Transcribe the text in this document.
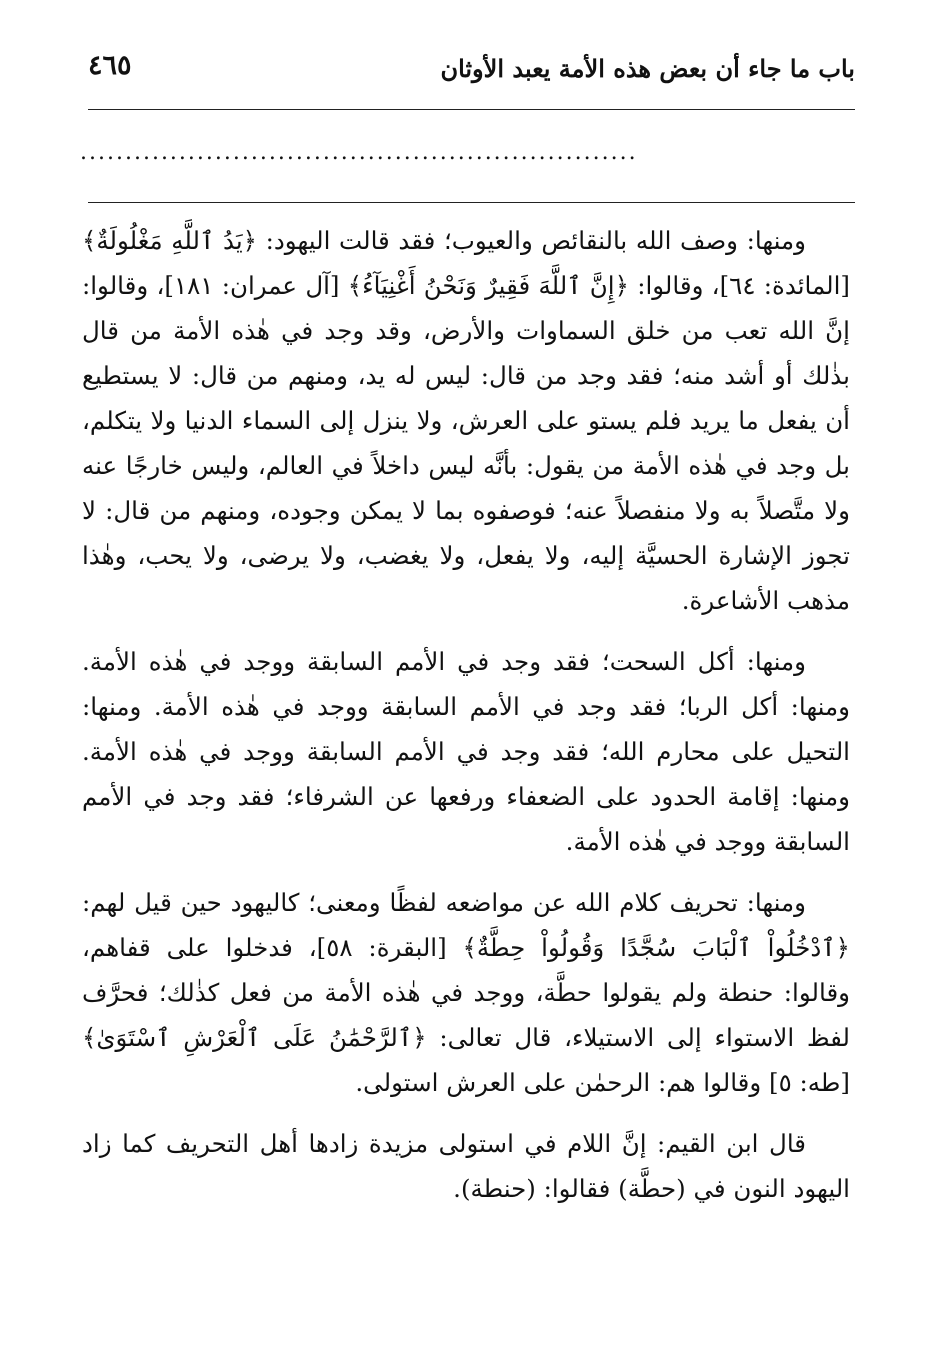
باب ما جاء أن بعض هذه الأمة يعبد الأوثان
٤٦٥
..............................................................

ومنها: وصف الله بالنقائص والعيوب؛ فقد قالت اليهود: ﴿يَدُ ٱللَّهِ مَغْلُولَةٌ﴾ [المائدة: ٦٤]، وقالوا: ﴿إِنَّ ٱللَّهَ فَقِيرٌ وَنَحْنُ أَغْنِيَآءُ﴾ [آل عمران: ١٨١]، وقالوا: إنَّ الله تعب من خلق السماوات والأرض، وقد وجد في هٰذه الأمة من قال بذٰلك أو أشد منه؛ فقد وجد من قال: ليس له يد، ومنهم من قال: لا يستطيع أن يفعل ما يريد فلم يستو على العرش، ولا ينزل إلى السماء الدنيا ولا يتكلم، بل وجد في هٰذه الأمة من يقول: بأنَّه ليس داخلاً في العالم، وليس خارجًا عنه ولا متَّصلاً به ولا منفصلاً عنه؛ فوصفوه بما لا يمكن وجوده، ومنهم من قال: لا تجوز الإشارة الحسيَّة إليه، ولا يفعل، ولا يغضب، ولا يرضى، ولا يحب، وهٰذا مذهب الأشاعرة.

ومنها: أكل السحت؛ فقد وجد في الأمم السابقة ووجد في هٰذه الأمة. ومنها: أكل الربا؛ فقد وجد في الأمم السابقة ووجد في هٰذه الأمة. ومنها: التحيل على محارم الله؛ فقد وجد في الأمم السابقة ووجد في هٰذه الأمة. ومنها: إقامة الحدود على الضعفاء ورفعها عن الشرفاء؛ فقد وجد في الأمم السابقة ووجد في هٰذه الأمة.

ومنها: تحريف كلام الله عن مواضعه لفظًا ومعنى؛ كاليهود حين قيل لهم: ﴿ٱدْخُلُواْ ٱلْبَابَ سُجَّدًا وَقُولُواْ حِطَّةٌ﴾ [البقرة: ٥٨]، فدخلوا على قفاهم، وقالوا: حنطة ولم يقولوا حطَّة، ووجد في هٰذه الأمة من فعل كذٰلك؛ فحرَّف لفظ الاستواء إلى الاستيلاء، قال تعالى: ﴿ٱلرَّحْمَٰنُ عَلَى ٱلْعَرْشِ ٱسْتَوَىٰ﴾ [طه: ٥] وقالوا هم: الرحمٰن على العرش استولى.

قال ابن القيم: إنَّ اللام في استولى مزيدة زادها أهل التحريف كما زاد اليهود النون في (حطَّة) فقالوا: (حنطة).
